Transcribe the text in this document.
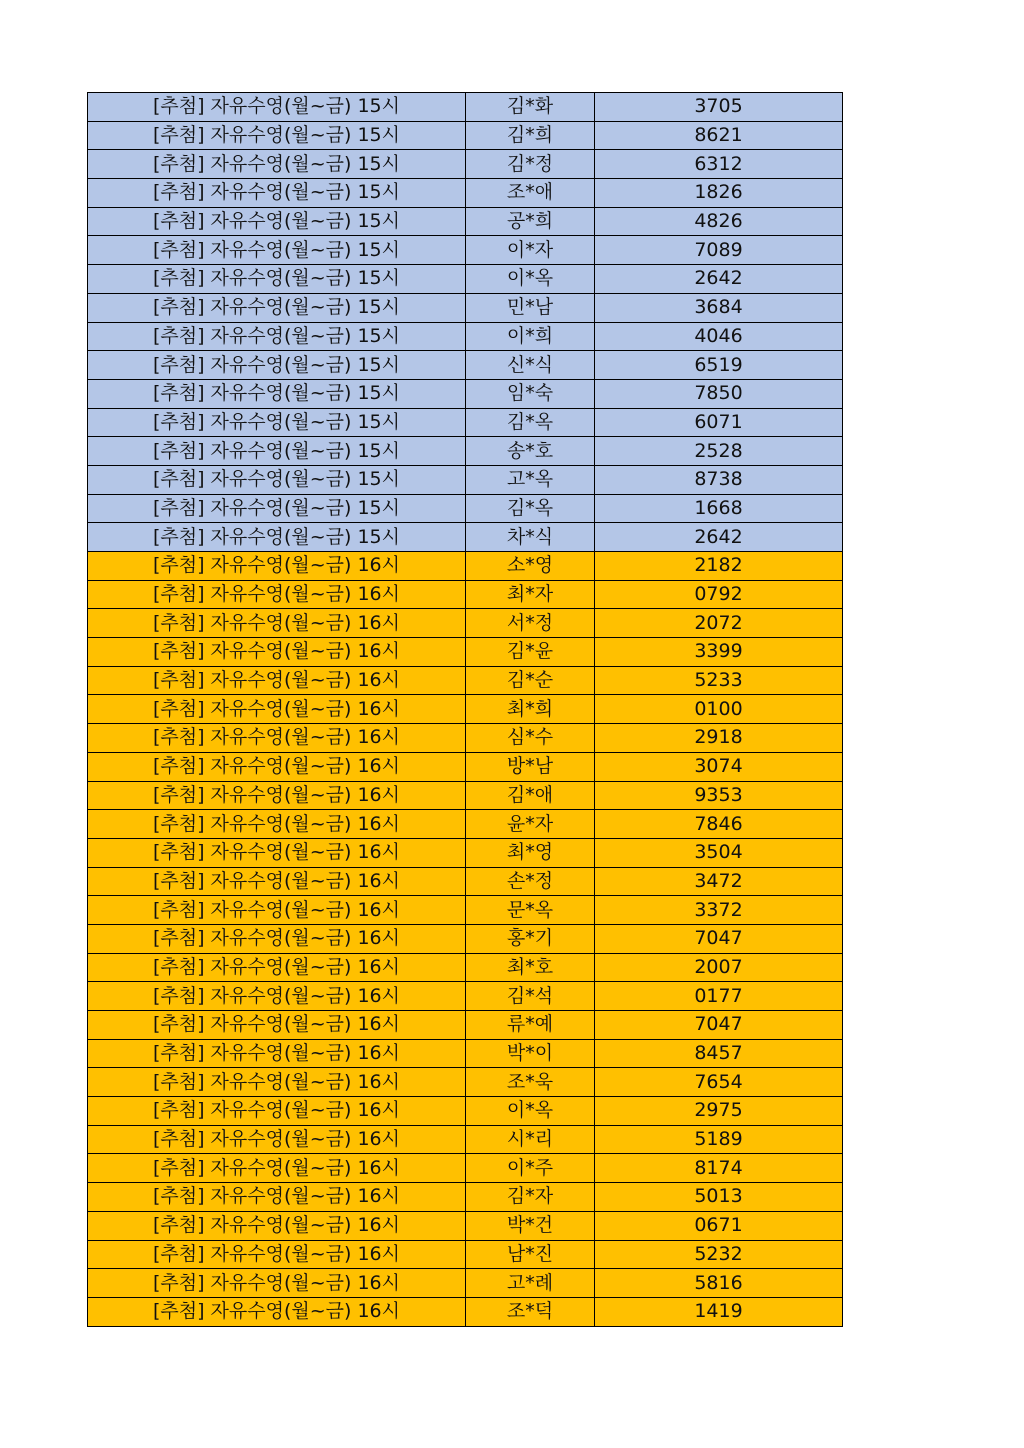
[추첨] 자유수영(월~금) 15시	김*화	3705
[추첨] 자유수영(월~금) 15시	김*희	8621
[추첨] 자유수영(월~금) 15시	김*정	6312
[추첨] 자유수영(월~금) 15시	조*애	1826
[추첨] 자유수영(월~금) 15시	공*희	4826
[추첨] 자유수영(월~금) 15시	이*자	7089
[추첨] 자유수영(월~금) 15시	이*옥	2642
[추첨] 자유수영(월~금) 15시	민*남	3684
[추첨] 자유수영(월~금) 15시	이*희	4046
[추첨] 자유수영(월~금) 15시	신*식	6519
[추첨] 자유수영(월~금) 15시	임*숙	7850
[추첨] 자유수영(월~금) 15시	김*옥	6071
[추첨] 자유수영(월~금) 15시	송*호	2528
[추첨] 자유수영(월~금) 15시	고*옥	8738
[추첨] 자유수영(월~금) 15시	김*옥	1668
[추첨] 자유수영(월~금) 15시	차*식	2642
[추첨] 자유수영(월~금) 16시	소*영	2182
[추첨] 자유수영(월~금) 16시	최*자	0792
[추첨] 자유수영(월~금) 16시	서*정	2072
[추첨] 자유수영(월~금) 16시	김*윤	3399
[추첨] 자유수영(월~금) 16시	김*순	5233
[추첨] 자유수영(월~금) 16시	최*희	0100
[추첨] 자유수영(월~금) 16시	심*수	2918
[추첨] 자유수영(월~금) 16시	방*남	3074
[추첨] 자유수영(월~금) 16시	김*애	9353
[추첨] 자유수영(월~금) 16시	윤*자	7846
[추첨] 자유수영(월~금) 16시	최*영	3504
[추첨] 자유수영(월~금) 16시	손*정	3472
[추첨] 자유수영(월~금) 16시	문*옥	3372
[추첨] 자유수영(월~금) 16시	홍*기	7047
[추첨] 자유수영(월~금) 16시	최*호	2007
[추첨] 자유수영(월~금) 16시	김*석	0177
[추첨] 자유수영(월~금) 16시	류*예	7047
[추첨] 자유수영(월~금) 16시	박*이	8457
[추첨] 자유수영(월~금) 16시	조*욱	7654
[추첨] 자유수영(월~금) 16시	이*옥	2975
[추첨] 자유수영(월~금) 16시	시*리	5189
[추첨] 자유수영(월~금) 16시	이*주	8174
[추첨] 자유수영(월~금) 16시	김*자	5013
[추첨] 자유수영(월~금) 16시	박*건	0671
[추첨] 자유수영(월~금) 16시	남*진	5232
[추첨] 자유수영(월~금) 16시	고*례	5816
[추첨] 자유수영(월~금) 16시	조*덕	1419
